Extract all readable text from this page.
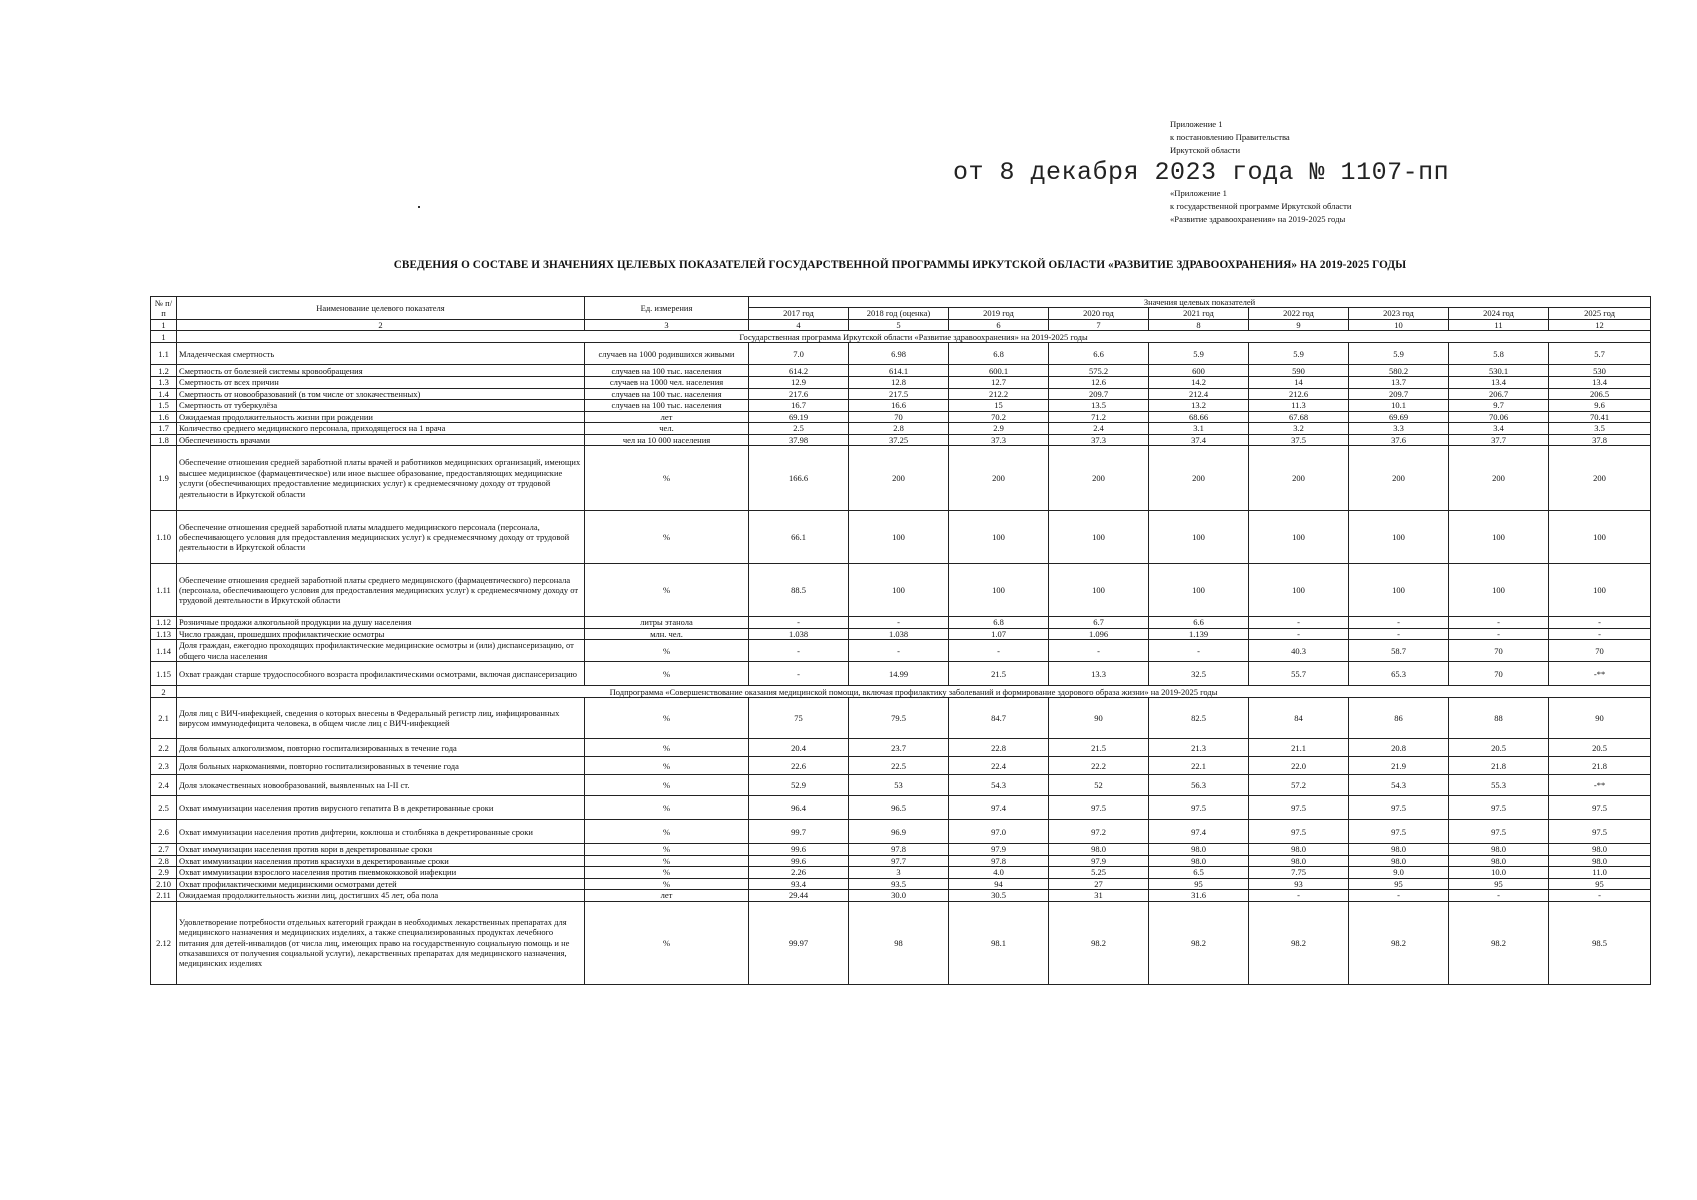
Приложение 1
к постановлению Правительства
Иркутской области
от 8 декабря 2023 года № 1107-пп
«Приложение 1
к государственной программе Иркутской области
«Развитие здравоохранения» на 2019-2025 годы
СВЕДЕНИЯ О СОСТАВЕ И ЗНАЧЕНИЯХ ЦЕЛЕВЫХ ПОКАЗАТЕЛЕЙ ГОСУДАРСТВЕННОЙ ПРОГРАММЫ ИРКУТСКОЙ ОБЛАСТИ «РАЗВИТИЕ ЗДРАВООХРАНЕНИЯ» НА 2019-2025 ГОДЫ
№ п/п	Наименование целевого показателя	Ед. измерения	Значения целевых показателей								
			2017 год	2018 год (оценка)	2019 год	2020 год	2021 год	2022 год	2023 год	2024 год	2025 год
1	2	3	4	5	6	7	8	9	10	11	12
1	Государственная программа Иркутской области «Развитие здравоохранения» на 2019-2025 годы										
1.1	Младенческая смертность	случаев на 1000 родившихся живыми	7.0	6.98	6.8	6.6	5.9	5.9	5.9	5.8	5.7
1.2	Смертность от болезней системы кровообращения	случаев на 100 тыс. населения	614.2	614.1	600.1	575.2	600	590	580.2	530.1	530
1.3	Смертность от всех причин	случаев на 1000 чел. населения	12.9	12.8	12.7	12.6	14.2	14	13.7	13.4	13.4
1.4	Смертность от новообразований (в том числе от злокачественных)	случаев на 100 тыс. населения	217.6	217.5	212.2	209.7	212.4	212.6	209.7	206.7	206.5
1.5	Смертность от туберкулёза	случаев на 100 тыс. населения	16.7	16.6	15	13.5	13.2	11.3	10.1	9.7	9.6
1.6	Ожидаемая продолжительность жизни при рождении	лет	69.19	70	70.2	71.2	68.66	67.68	69.69	70.06	70.41
1.7	Количество среднего медицинского персонала, приходящегося на 1 врача	чел.	2.5	2.8	2.9	2.4	3.1	3.2	3.3	3.4	3.5
1.8	Обеспеченность врачами	чел на 10 000 населения	37.98	37.25	37.3	37.3	37.4	37.5	37.6	37.7	37.8
1.9	Обеспечение отношения средней заработной платы врачей и работников медицинских организаций, имеющих высшее медицинское (фармацевтическое) или иное высшее образование, предоставляющих медицинские услуги (обеспечивающих предоставление медицинских услуг) к среднемесячному доходу от трудовой деятельности в Иркутской области	%	166.6	200	200	200	200	200	200	200	200
1.10	Обеспечение отношения средней заработной платы младшего медицинского персонала (персонала, обеспечивающего условия для предоставления медицинских услуг) к среднемесячному доходу от трудовой деятельности в Иркутской области	%	66.1	100	100	100	100	100	100	100	100
1.11	Обеспечение отношения средней заработной платы среднего медицинского (фармацевтического) персонала (персонала, обеспечивающего условия для предоставления медицинских услуг) к среднемесячному доходу от трудовой деятельности в Иркутской области	%	88.5	100	100	100	100	100	100	100	100
1.12	Розничные продажи алкогольной продукции на душу населения	литры этанола	-	-	6.8	6.7	6.6	-	-	-	-
1.13	Число граждан, прошедших профилактические осмотры	млн. чел.	1.038	1.038	1.07	1.096	1.139	-	-	-	-
1.14	Доля граждан, ежегодно проходящих профилактические медицинские осмотры и (или) диспансеризацию, от общего числа населения	%	-	-	-	-	-	40.3	58.7	70	70
1.15	Охват граждан старше трудоспособного возраста профилактическими осмотрами, включая диспансеризацию	%	-	14.99	21.5	13.3	32.5	55.7	65.3	70	-**
2	Подпрограмма «Совершенствование оказания медицинской помощи, включая профилактику заболеваний и формирование здорового образа жизни» на 2019-2025 годы										
2.1	Доля лиц с ВИЧ-инфекцией, сведения о которых внесены в Федеральный регистр лиц, инфицированных вирусом иммунодефицита человека, в общем числе лиц с ВИЧ-инфекцией	%	75	79.5	84.7	90	82.5	84	86	88	90
2.2	Доля больных алкоголизмом, повторно госпитализированных в течение года	%	20.4	23.7	22.8	21.5	21.3	21.1	20.8	20.5	20.5
2.3	Доля больных наркоманиями, повторно госпитализированных в течение года	%	22.6	22.5	22.4	22.2	22.1	22.0	21.9	21.8	21.8
2.4	Доля злокачественных новообразований, выявленных на I-II ст.	%	52.9	53	54.3	52	56.3	57.2	54.3	55.3	-**
2.5	Охват иммунизации населения против вирусного гепатита В в декретированные сроки	%	96.4	96.5	97.4	97.5	97.5	97.5	97.5	97.5	97.5
2.6	Охват иммунизации населения против дифтерии, коклюша и столбняка в декретированные сроки	%	99.7	96.9	97.0	97.2	97.4	97.5	97.5	97.5	97.5
2.7	Охват иммунизации населения против кори в декретированные сроки	%	99.6	97.8	97.9	98.0	98.0	98.0	98.0	98.0	98.0
2.8	Охват иммунизации населения против краснухи в декретированные сроки	%	99.6	97.7	97.8	97.9	98.0	98.0	98.0	98.0	98.0
2.9	Охват иммунизации взрослого населения против пневмококковой инфекции	%	2.26	3	4.0	5.25	6.5	7.75	9.0	10.0	11.0
2.10	Охват профилактическими медицинскими осмотрами детей	%	93.4	93.5	94	27	95	93	95	95	95
2.11	Ожидаемая продолжительность жизни лиц, достигших 45 лет, оба пола	лет	29.44	30.0	30.5	31	31.6	-	-	-	-
2.12	Удовлетворение потребности отдельных категорий граждан в необходимых лекарственных препаратах для медицинского назначения и медицинских изделиях, а также специализированных продуктах лечебного питания для детей-инвалидов (от числа лиц, имеющих право на государственную социальную помощь и не отказавшихся от получения социальной услуги), лекарственных препаратах для медицинского назначения, медицинских изделиях	%	99.97	98	98.1	98.2	98.2	98.2	98.2	98.2	98.5
